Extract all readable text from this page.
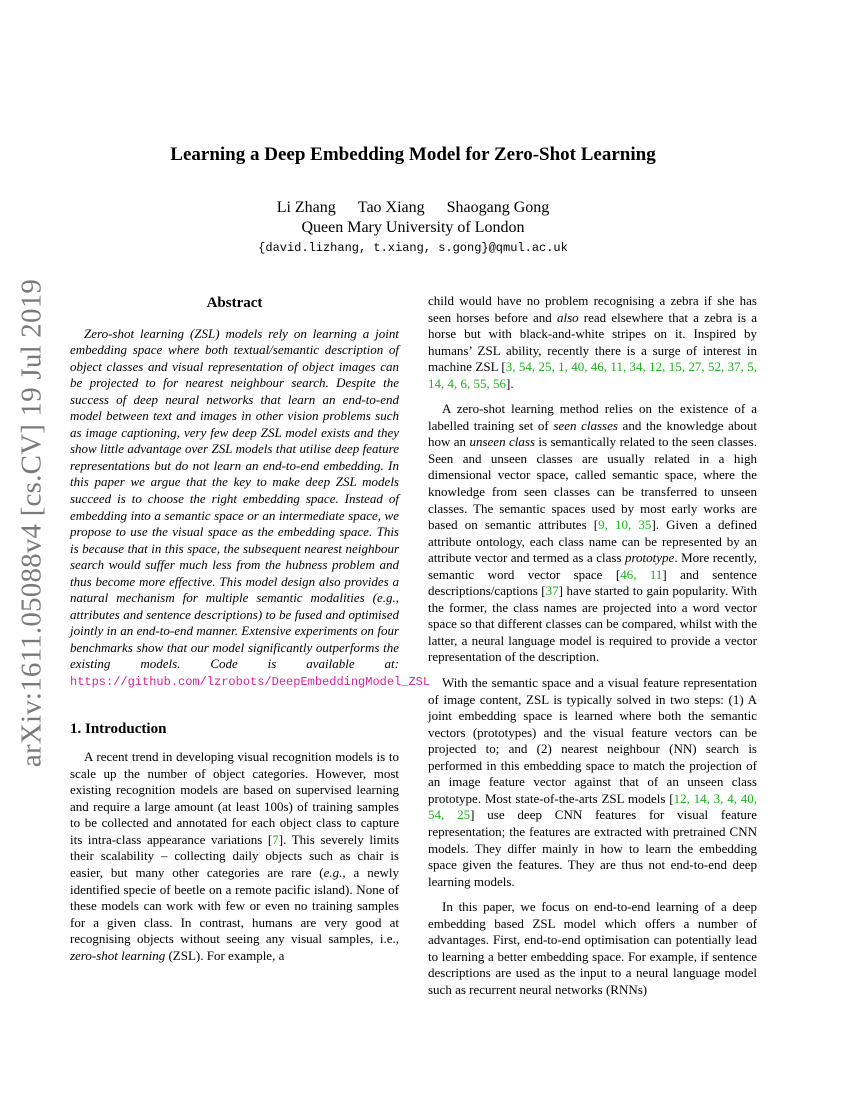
arXiv:1611.05088v4 [cs.CV] 19 Jul 2019
Learning a Deep Embedding Model for Zero-Shot Learning
Li Zhang Tao Xiang Shaogang Gong
Queen Mary University of London
{david.lizhang, t.xiang, s.gong}@qmul.ac.uk
Abstract

Zero-shot learning (ZSL) models rely on learning a joint embedding space where both textual/semantic description of object classes and visual representation of object images can be projected to for nearest neighbour search. Despite the success of deep neural networks that learn an end-to-end model between text and images in other vision problems such as image captioning, very few deep ZSL model exists and they show little advantage over ZSL models that utilise deep feature representations but do not learn an end-to-end embedding. In this paper we argue that the key to make deep ZSL models succeed is to choose the right embedding space. Instead of embedding into a semantic space or an intermediate space, we propose to use the visual space as the embedding space. This is because that in this space, the subsequent nearest neighbour search would suffer much less from the hubness problem and thus become more effective. This model design also provides a natural mechanism for multiple semantic modalities (e.g., attributes and sentence descriptions) to be fused and optimised jointly in an end-to-end manner. Extensive experiments on four benchmarks show that our model significantly outperforms the existing models. Code is available at: https://github.com/lzrobots/DeepEmbeddingModel_ZSL

1. Introduction

A recent trend in developing visual recognition models is to scale up the number of object categories. However, most existing recognition models are based on supervised learning and require a large amount (at least 100s) of training samples to be collected and annotated for each object class to capture its intra-class appearance variations [7]. This severely limits their scalability – collecting daily objects such as chair is easier, but many other categories are rare (e.g., a newly identified specie of beetle on a remote pacific island). None of these models can work with few or even no training samples for a given class. In contrast, humans are very good at recognising objects without seeing any visual samples, i.e., zero-shot learning (ZSL). For example, a

child would have no problem recognising a zebra if she has seen horses before and also read elsewhere that a zebra is a horse but with black-and-white stripes on it. Inspired by humans’ ZSL ability, recently there is a surge of interest in machine ZSL [3, 54, 25, 1, 40, 46, 11, 34, 12, 15, 27, 52, 37, 5, 14, 4, 6, 55, 56].

A zero-shot learning method relies on the existence of a labelled training set of seen classes and the knowledge about how an unseen class is semantically related to the seen classes. Seen and unseen classes are usually related in a high dimensional vector space, called semantic space, where the knowledge from seen classes can be transferred to unseen classes. The semantic spaces used by most early works are based on semantic attributes [9, 10, 35]. Given a defined attribute ontology, each class name can be represented by an attribute vector and termed as a class prototype. More recently, semantic word vector space [46, 11] and sentence descriptions/captions [37] have started to gain popularity. With the former, the class names are projected into a word vector space so that different classes can be compared, whilst with the latter, a neural language model is required to provide a vector representation of the description.

With the semantic space and a visual feature representation of image content, ZSL is typically solved in two steps: (1) A joint embedding space is learned where both the semantic vectors (prototypes) and the visual feature vectors can be projected to; and (2) nearest neighbour (NN) search is performed in this embedding space to match the projection of an image feature vector against that of an unseen class prototype. Most state-of-the-arts ZSL models [12, 14, 3, 4, 40, 54, 25] use deep CNN features for visual feature representation; the features are extracted with pretrained CNN models. They differ mainly in how to learn the embedding space given the features. They are thus not end-to-end deep learning models.

In this paper, we focus on end-to-end learning of a deep embedding based ZSL model which offers a number of advantages. First, end-to-end optimisation can potentially lead to learning a better embedding space. For example, if sentence descriptions are used as the input to a neural language model such as recurrent neural networks (RNNs)
